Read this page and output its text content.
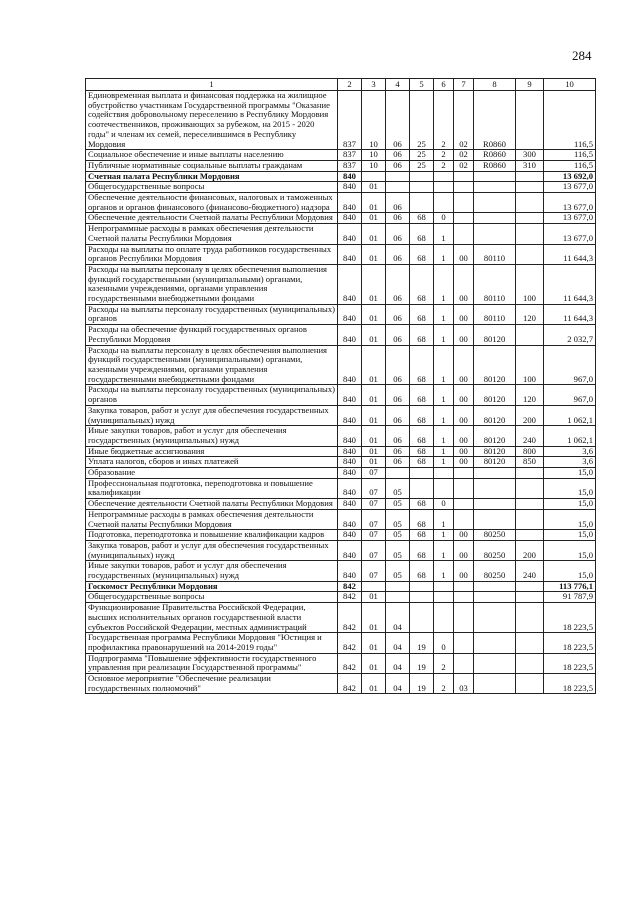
284
1	2	3	4	5	6	7	8	9	10
Единовременная выплата и финансовая поддержка на жилищное обустройство участникам Государственной программы "Оказание содействия добровольному переселению в Республику Мордовия соотечественников, проживающих за рубежом, на 2015 - 2020 годы" и членам их семей, переселившимся в Республику Мордовия	837	10	06	25	2	02	R0860		116,5
Социальное обеспечение и иные выплаты населению	837	10	06	25	2	02	R0860	300	116,5
Публичные нормативные социальные выплаты гражданам	837	10	06	25	2	02	R0860	310	116,5
Счетная палата Республики Мордовия	840								13 692,0
Общегосударственные вопросы	840	01							13 677,0
Обеспечение деятельности финансовых, налоговых и таможенных органов и органов финансового (финансово-бюджетного) надзора	840	01	06						13 677,0
Обеспечение деятельности Счетной палаты Республики Мордовия	840	01	06	68	0				13 677,0
Непрограммные расходы в рамках обеспечения деятельности Счетной палаты Республики Мордовия	840	01	06	68	1				13 677,0
Расходы на выплаты по оплате труда работников государственных органов Республики Мордовия	840	01	06	68	1	00	80110		11 644,3
Расходы на выплаты персоналу в целях обеспечения выполнения функций государственными (муниципальными) органами, казенными учреждениями, органами управления государственными внебюджетными фондами	840	01	06	68	1	00	80110	100	11 644,3
Расходы на выплаты персоналу государственных (муниципальных) органов	840	01	06	68	1	00	80110	120	11 644,3
Расходы на обеспечение функций государственных органов Республики Мордовия	840	01	06	68	1	00	80120		2 032,7
Расходы на выплаты персоналу в целях обеспечения выполнения функций государственными (муниципальными) органами, казенными учреждениями, органами управления государственными внебюджетными фондами	840	01	06	68	1	00	80120	100	967,0
Расходы на выплаты персоналу государственных (муниципальных) органов	840	01	06	68	1	00	80120	120	967,0
Закупка товаров, работ и услуг для обеспечения государственных (муниципальных) нужд	840	01	06	68	1	00	80120	200	1 062,1
Иные закупки товаров, работ и услуг для обеспечения государственных (муниципальных) нужд	840	01	06	68	1	00	80120	240	1 062,1
Иные бюджетные ассигнования	840	01	06	68	1	00	80120	800	3,6
Уплата налогов, сборов и иных платежей	840	01	06	68	1	00	80120	850	3,6
Образование	840	07							15,0
Профессиональная подготовка, переподготовка и повышение квалификации	840	07	05						15,0
Обеспечение деятельности Счетной палаты Республики Мордовия	840	07	05	68	0				15,0
Непрограммные расходы в рамках обеспечения деятельности Счетной палаты Республики Мордовия	840	07	05	68	1				15,0
Подготовка, переподготовка и повышение квалификации кадров	840	07	05	68	1	00	80250		15,0
Закупка товаров, работ и услуг для обеспечения государственных (муниципальных) нужд	840	07	05	68	1	00	80250	200	15,0
Иные закупки товаров, работ и услуг для обеспечения государственных (муниципальных) нужд	840	07	05	68	1	00	80250	240	15,0
Госкомост Республики Мордовия	842								113 776,1
Общегосударственные вопросы	842	01							91 787,9
Функционирование Правительства Российской Федерации, высших исполнительных органов государственной власти субъектов Российской Федерации, местных администраций	842	01	04						18 223,5
Государственная программа Республики Мордовия "Юстиция и профилактика правонарушений на 2014-2019 годы"	842	01	04	19	0				18 223,5
Подпрограмма "Повышение эффективности государственного управления при реализации Государственной программы"	842	01	04	19	2				18 223,5
Основное мероприятие "Обеспечение реализации государственных полномочий"	842	01	04	19	2	03			18 223,5
